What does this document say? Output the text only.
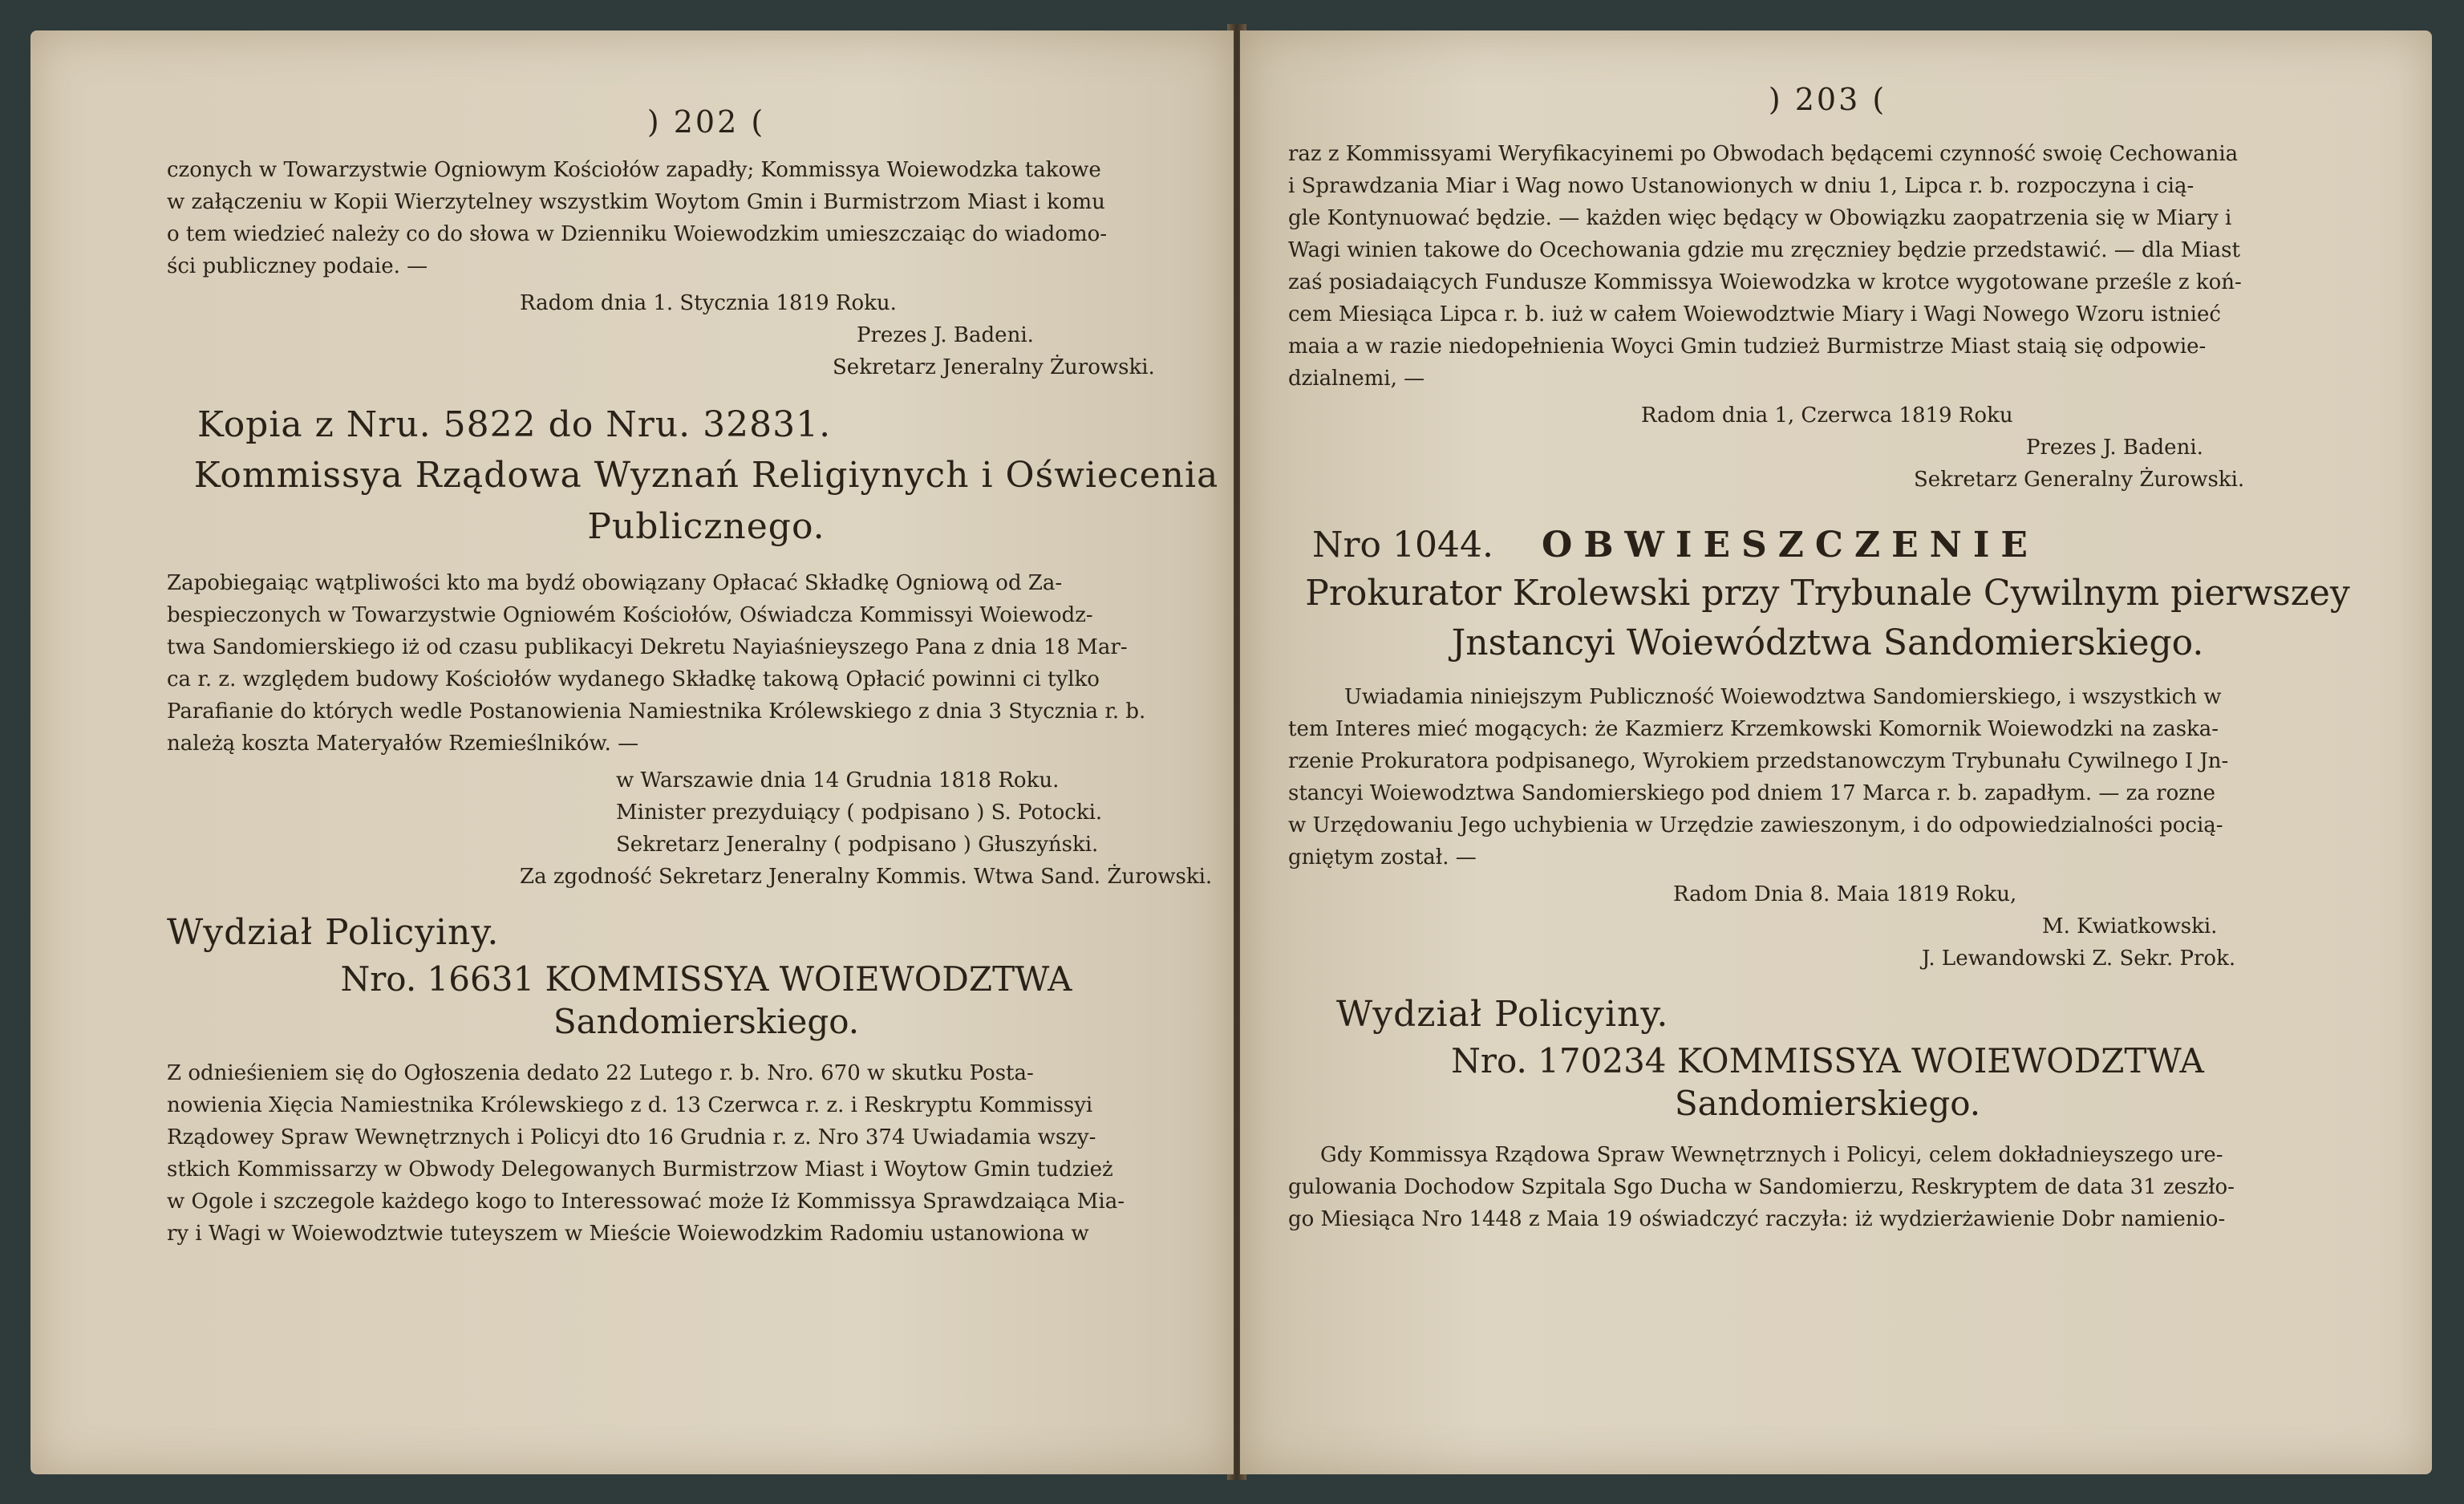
) 202 (
czonych w Towarzystwie Ogniowym Kościołów zapadły; Kommissya Woiewodzka takowe
w załączeniu w Kopii Wierzytelney wszystkim Woytom Gmin i Burmistrzom Miast i komu
o tem wiedzieć należy co do słowa w Dzienniku Woiewodzkim umieszczaiąc do wiadomo-
ści publiczney podaie. —
Radom dnia 1. Stycznia 1819 Roku.
Prezes J. Badeni.
Sekretarz Jeneralny Żurowski.
Kopia z Nru. 5822 do Nru. 32831.
Kommissya Rządowa Wyznań Religiynych i Oświecenia
Publicznego.
Zapobiegaiąc wątpliwości kto ma bydź obowiązany Opłacać Składkę Ogniową od Za-
bespieczonych w Towarzystwie Ogniowém Kościołów, Oświadcza Kommissyi Woiewodz-
twa Sandomierskiego iż od czasu publikacyi Dekretu Nayiaśnieyszego Pana z dnia 18 Mar-
ca r. z. względem budowy Kościołów wydanego Składkę takową Opłacić powinni ci tylko
Parafianie do których wedle Postanowienia Namiestnika Królewskiego z dnia 3 Stycznia r. b.
należą koszta Materyałów Rzemieślników. —
w Warszawie dnia 14 Grudnia 1818 Roku.
Minister prezyduiący ( podpisano ) S. Potocki.
Sekretarz Jeneralny ( podpisano ) Głuszyński.
Za zgodność Sekretarz Jeneralny Kommis. Wtwa Sand. Żurowski.
Wydział Policyiny.
Nro. 16631 KOMMISSYA WOIEWODZTWA
Sandomierskiego.
Z odnieśieniem się do Ogłoszenia dedato 22 Lutego r. b. Nro. 670 w skutku Posta-
nowienia Xięcia Namiestnika Królewskiego z d. 13 Czerwca r. z. i Reskryptu Kommissyi
Rządowey Spraw Wewnętrznych i Policyi dto 16 Grudnia r. z. Nro 374 Uwiadamia wszy-
stkich Kommissarzy w Obwody Delegowanych Burmistrzow Miast i Woytow Gmin tudzież
w Ogole i szczegole każdego kogo to Interessować może Iż Kommissya Sprawdzaiąca Mia-
ry i Wagi w Woiewodztwie tuteyszem w Mieście Woiewodzkim Radomiu ustanowiona w
) 203 (
raz z Kommissyami Weryfikacyinemi po Obwodach będącemi czynność swoię Cechowania
i Sprawdzania Miar i Wag nowo Ustanowionych w dniu 1, Lipca r. b. rozpoczyna i cią-
gle Kontynuować będzie. — każden więc będący w Obowiązku zaopatrzenia się w Miary i
Wagi winien takowe do Ocechowania gdzie mu zręczniey będzie przedstawić. — dla Miast
zaś posiadaiących Fundusze Kommissya Woiewodzka w krotce wygotowane prześle z koń-
cem Miesiąca Lipca r. b. iuż w całem Woiewodztwie Miary i Wagi Nowego Wzoru istnieć
maia a w razie niedopełnienia Woyci Gmin tudzież Burmistrze Miast staią się odpowie-
dzialnemi, —
Radom dnia 1, Czerwca 1819 Roku
Prezes J. Badeni.
Sekretarz Generalny Żurowski.
Nro 1044. OBWIESZCZENIE
Prokurator Krolewski przy Trybunale Cywilnym pierwszey
Jnstancyi Woiewództwa Sandomierskiego.
Uwiadamia niniejszym Publiczność Woiewodztwa Sandomierskiego, i wszystkich w
tem Interes mieć mogących: że Kazmierz Krzemkowski Komornik Woiewodzki na zaska-
rzenie Prokuratora podpisanego, Wyrokiem przedstanowczym Trybunału Cywilnego I Jn-
stancyi Woiewodztwa Sandomierskiego pod dniem 17 Marca r. b. zapadłym. — za rozne
w Urzędowaniu Jego uchybienia w Urzędzie zawieszonym, i do odpowiedzialności pocią-
gniętym został. —
Radom Dnia 8. Maia 1819 Roku,
M. Kwiatkowski.
J. Lewandowski Z. Sekr. Prok.
Wydział Policyiny.
Nro. 170234 KOMMISSYA WOIEWODZTWA
Sandomierskiego.
Gdy Kommissya Rządowa Spraw Wewnętrznych i Policyi, celem dokładnieyszego ure-
gulowania Dochodow Szpitala Sgo Ducha w Sandomierzu, Reskryptem de data 31 zeszło-
go Miesiąca Nro 1448 z Maia 19 oświadczyć raczyła: iż wydzierżawienie Dobr namienio-
